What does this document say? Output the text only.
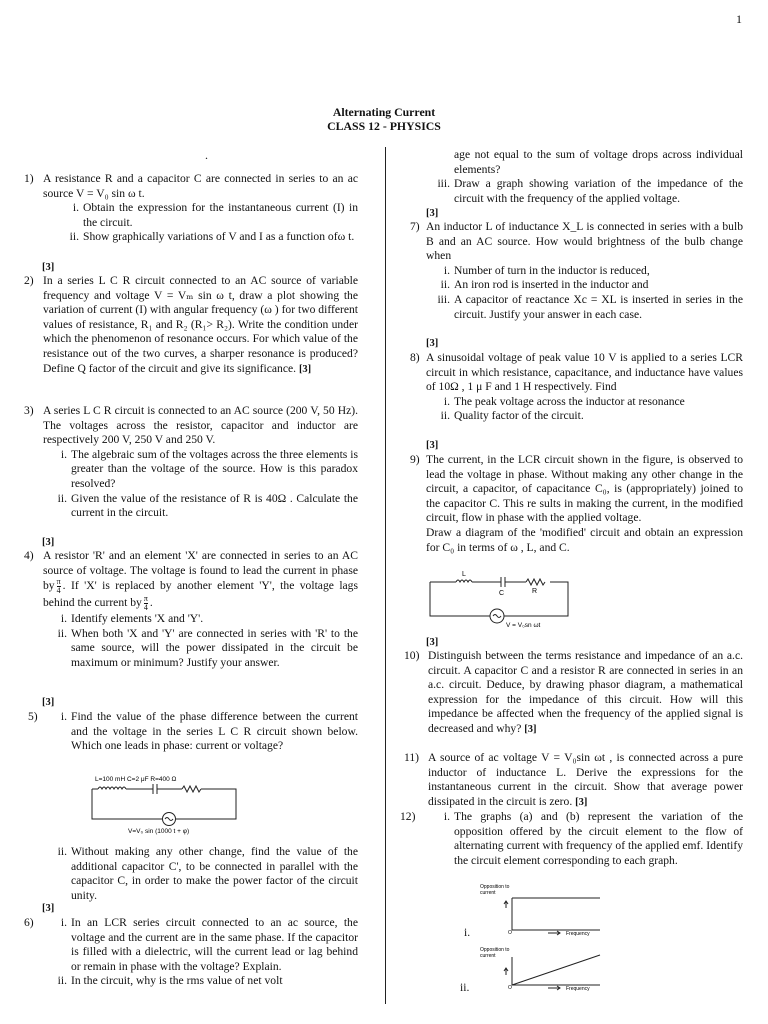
1
Alternating Current
CLASS 12 - PHYSICS
.
1) A resistance R and a capacitor C are connected in series to an ac source V = V₀ sin ω t.

i. Obtain the expression for the instantaneous current (I) in the circuit.
ii. Show graphically variations of V and I as a function ofω t.
[3]
2) In a series L C R circuit connected to an AC source of variable frequency and voltage V = Vₘ sin ω t, draw a plot showing the variation of current (I) with angular frequency (ω ) for two different values of resistance, R₁ and R₂ (R₁> R₂). Write the condition under which the phenomenon of resonance occurs. For which value of the resistance out of the two curves, a sharper resonance is produced? Define Q factor of the circuit and give its significance. [3]

3) A series L C R circuit is connected to an AC source (200 V, 50 Hz). The voltages across the resistor, capacitor and inductor are respectively 200 V, 250 V and 250 V.

i. The algebraic sum of the voltages across the three elements is greater than the voltage of the source. How is this paradox resolved?
ii. Given the value of the resistance of R is 40Ω . Calculate the current in the circuit.
[3]
4) A resistor 'R' and an element 'X' are connected in series to an AC source of voltage. The voltage is found to lead the current in phase by $\frac{\pi}{4}$ . If 'X' is replaced by another element 'Y', the voltage lags behind the current by $\frac{\pi}{4}$ .

i. Identify elements 'X and 'Y'.
ii. When both 'X and 'Y' are connected in series with 'R' to the same source, will the power dissipated in the circuit be maximum or minimum? Justify your answer.
[3]
5) i. Find the value of the phase difference between the current and the voltage in the series L C R circuit shown below. Which one leads in phase: current or voltage?
L=100 mH C=2 μF R=400 Ω
V=V₀ sin (1000 t + φ)
ii. Without making any other change, find the value of the additional capacitor C', to be connected in parallel with the capacitor C, in order to make the power factor of the circuit unity.
[3]
6) i. In an LCR series circuit connected to an ac source, the voltage and the current are in the same phase. If the capacitor is filled with a dielectric, will the current lead or lag behind or remain in phase with the voltage? Explain.
ii. In the circuit, why is the rms value of net volt
age not equal to the sum of voltage drops across individual elements?
iii. Draw a graph showing variation of the impedance of the circuit with the frequency of the applied voltage.
[3]
7) An inductor L of inductance X_L is connected in series with a bulb B and an AC source. How would brightness of the bulb change when

i. Number of turn in the inductor is reduced,
ii. An iron rod is inserted in the inductor and
iii. A capacitor of reactance Xc = XL is inserted in series in the circuit. Justify your answer in each case.
[3]
8) A sinusoidal voltage of peak value 10 V is applied to a series LCR circuit in which resistance, capacitance, and inductance have values of 10Ω , 1 μ F and 1 H respectively. Find

i. The peak voltage across the inductor at resonance
ii. Quality factor of the circuit.
[3]
9) The current, in the LCR circuit shown in the figure, is observed to lead the voltage in phase. Without making any other change in the circuit, a capacitor, of capacitance C₀, is (appropriately) joined to the capacitor C. This re sults in making the current, in the modified circuit, flow in phase with the applied voltage.

Draw a diagram of the 'modified' circuit and obtain an expression for C₀ in terms of ω , L, and C.

L
C	R
V = V₀sn ωt
[3]
10) Distinguish between the terms resistance and impedance of an a.c. circuit. A capacitor C and a resistor R are connected in series in an a.c. circuit. Deduce, by drawing phasor diagram, a mathematical expression for the impedance of this circuit. How will this impedance be affected when the frequency of the applied signal is decreased and why? [3]

11) A source of ac voltage V = V₀sin ωt , is connected across a pure inductor of inductance L. Derive the expressions for the instantaneous current in the circuit. Show that average power dissipated in the circuit is zero. [3]

12) i. The graphs (a) and (b) represent the variation of the opposition offered by the circuit element to the flow of alternating current with frequency of the applied emf. Identify the circuit element corresponding to each graph.
i.
Opposition to current
O	Frequency
ii.
Opposition to current
O	Frequency
